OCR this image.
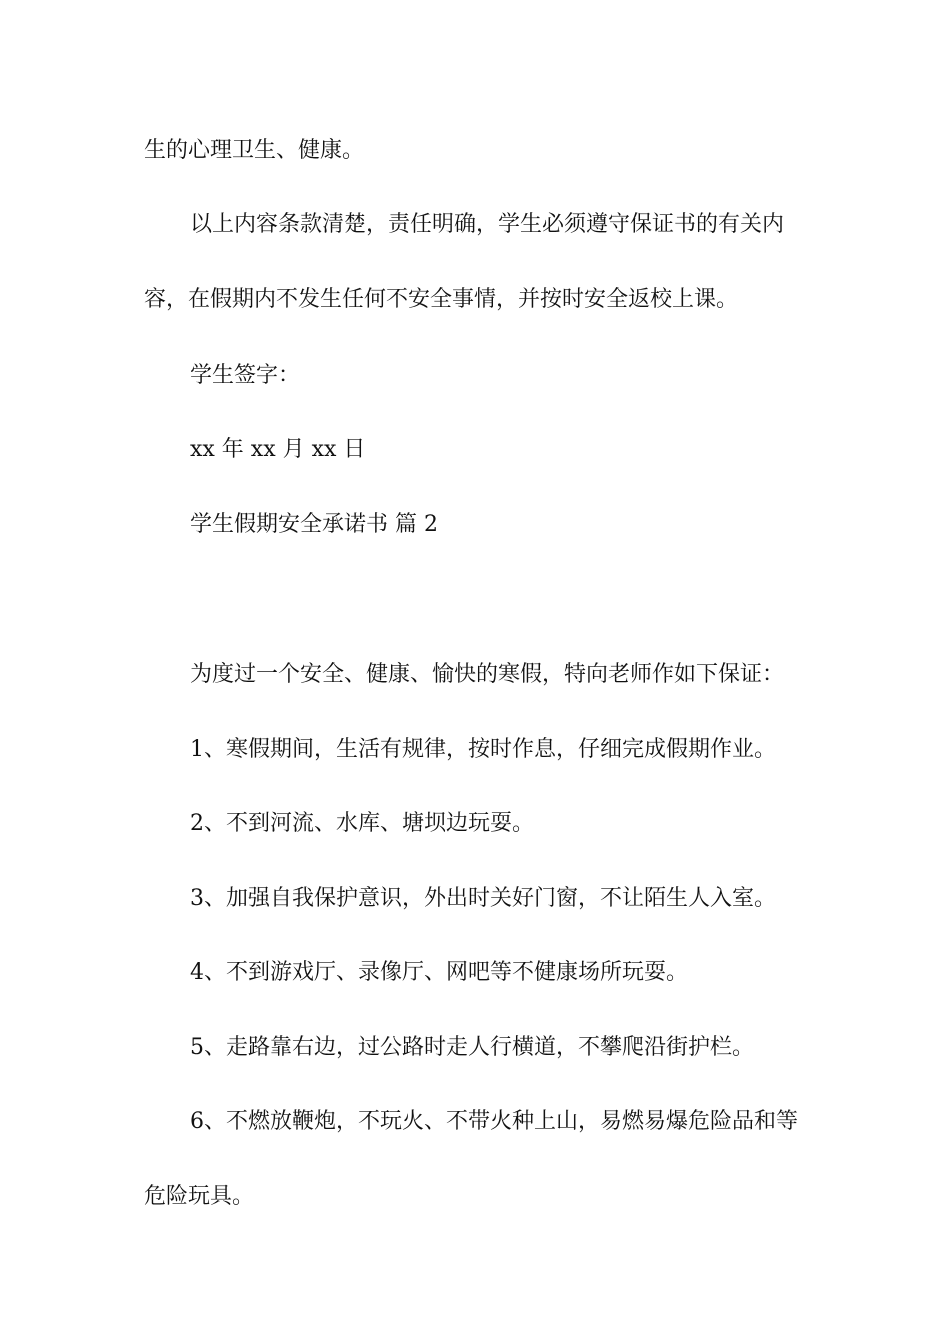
生的心理卫生、健康。
以上内容条款清楚，责任明确，学生必须遵守保证书的有关内
容，在假期内不发生任何不安全事情，并按时安全返校上课。
学生签字：
xx 年 xx 月 xx 日
学生假期安全承诺书 篇 2
为度过一个安全、健康、愉快的寒假，特向老师作如下保证：
1、寒假期间，生活有规律，按时作息，仔细完成假期作业。
2、不到河流、水库、塘坝边玩耍。
3、加强自我保护意识，外出时关好门窗，不让陌生人入室。
4、不到游戏厅、录像厅、网吧等不健康场所玩耍。
5、走路靠右边，过公路时走人行横道，不攀爬沿街护栏。
6、不燃放鞭炮，不玩火、不带火种上山，易燃易爆危险品和等
危险玩具。
